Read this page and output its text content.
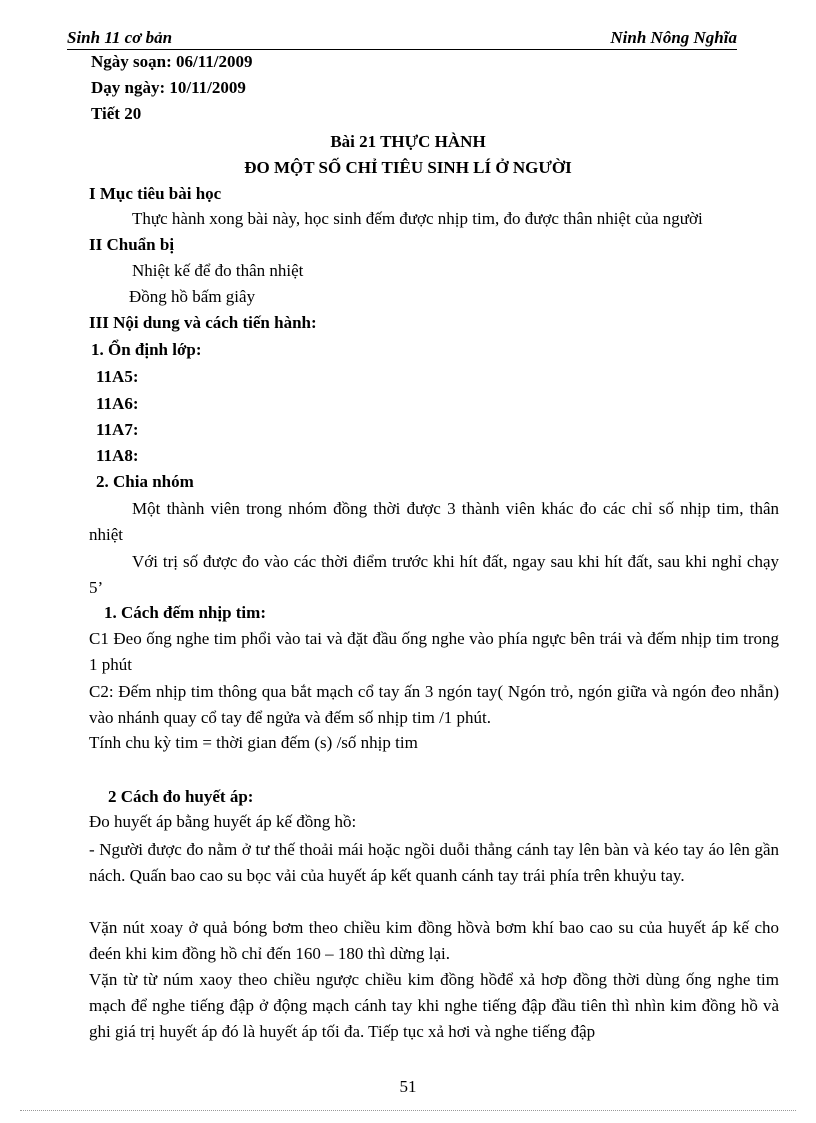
Sinh 11 cơ bản	Ninh Nông Nghĩa
Ngày soạn: 06/11/2009
Dạy ngày: 10/11/2009
Tiết 20
Bài 21 THỰC HÀNH
ĐO MỘT SỐ CHỈ TIÊU SINH LÍ Ở NGƯỜI
I Mục tiêu bài học
Thực hành xong bài này, học sinh đếm được nhịp tim, đo được thân nhiệt của người
II Chuẩn bị
Nhiệt kế để đo thân nhiệt
Đồng hồ bấm giây
III Nội dung và cách tiến hành:
1. Ổn định lớp:
11A5:
11A6:
11A7:
11A8:
2. Chia nhóm
Một thành viên trong nhóm đồng thời được 3 thành viên khác đo các chỉ số nhịp tim, thân nhiệt
Với trị số được đo vào các thời điểm trước khi hít đất, ngay sau khi hít đất, sau khi nghỉ chạy 5’
1. Cách đếm nhịp tim:
C1 Đeo ống nghe tim phổi vào tai và đặt đầu ống nghe vào phía ngực bên trái và đếm nhịp tim trong 1 phút
C2: Đếm nhịp tim thông qua bắt mạch cổ tay ấn 3 ngón tay( Ngón trỏ, ngón giữa và ngón đeo nhẫn) vào nhánh quay cổ tay để ngửa và đếm số nhịp tim /1 phút.
Tính chu kỳ tim = thời gian đếm (s) /số nhịp tim
2 Cách đo huyết áp:
Đo huyết áp bằng huyết áp kế đồng hồ:
- Người được đo nằm ở tư thế thoải mái hoặc ngồi duỗi thẳng cánh tay lên bàn và kéo tay áo lên gần nách. Quấn bao cao su bọc vải của huyết áp kết quanh cánh tay trái phía trên khuỷu tay.
Vặn nút xoay ở quả bóng bơm theo chiều kim đồng hồvà bơm khí bao cao su của huyết áp kế cho đeén khi kim đồng hồ chỉ đến 160 – 180 thì dừng lại.
Vặn từ từ núm xaoy theo chiều ngược chiều kim đồng hồđể xả hơp đồng thời dùng ống nghe tim mạch để nghe tiếng đập ở động mạch cánh tay khi nghe tiếng đập đầu tiên thì nhìn kim đồng hồ và ghi giá trị huyết áp đó là huyết áp tối đa. Tiếp tục xả hơi và nghe tiếng đập
51
